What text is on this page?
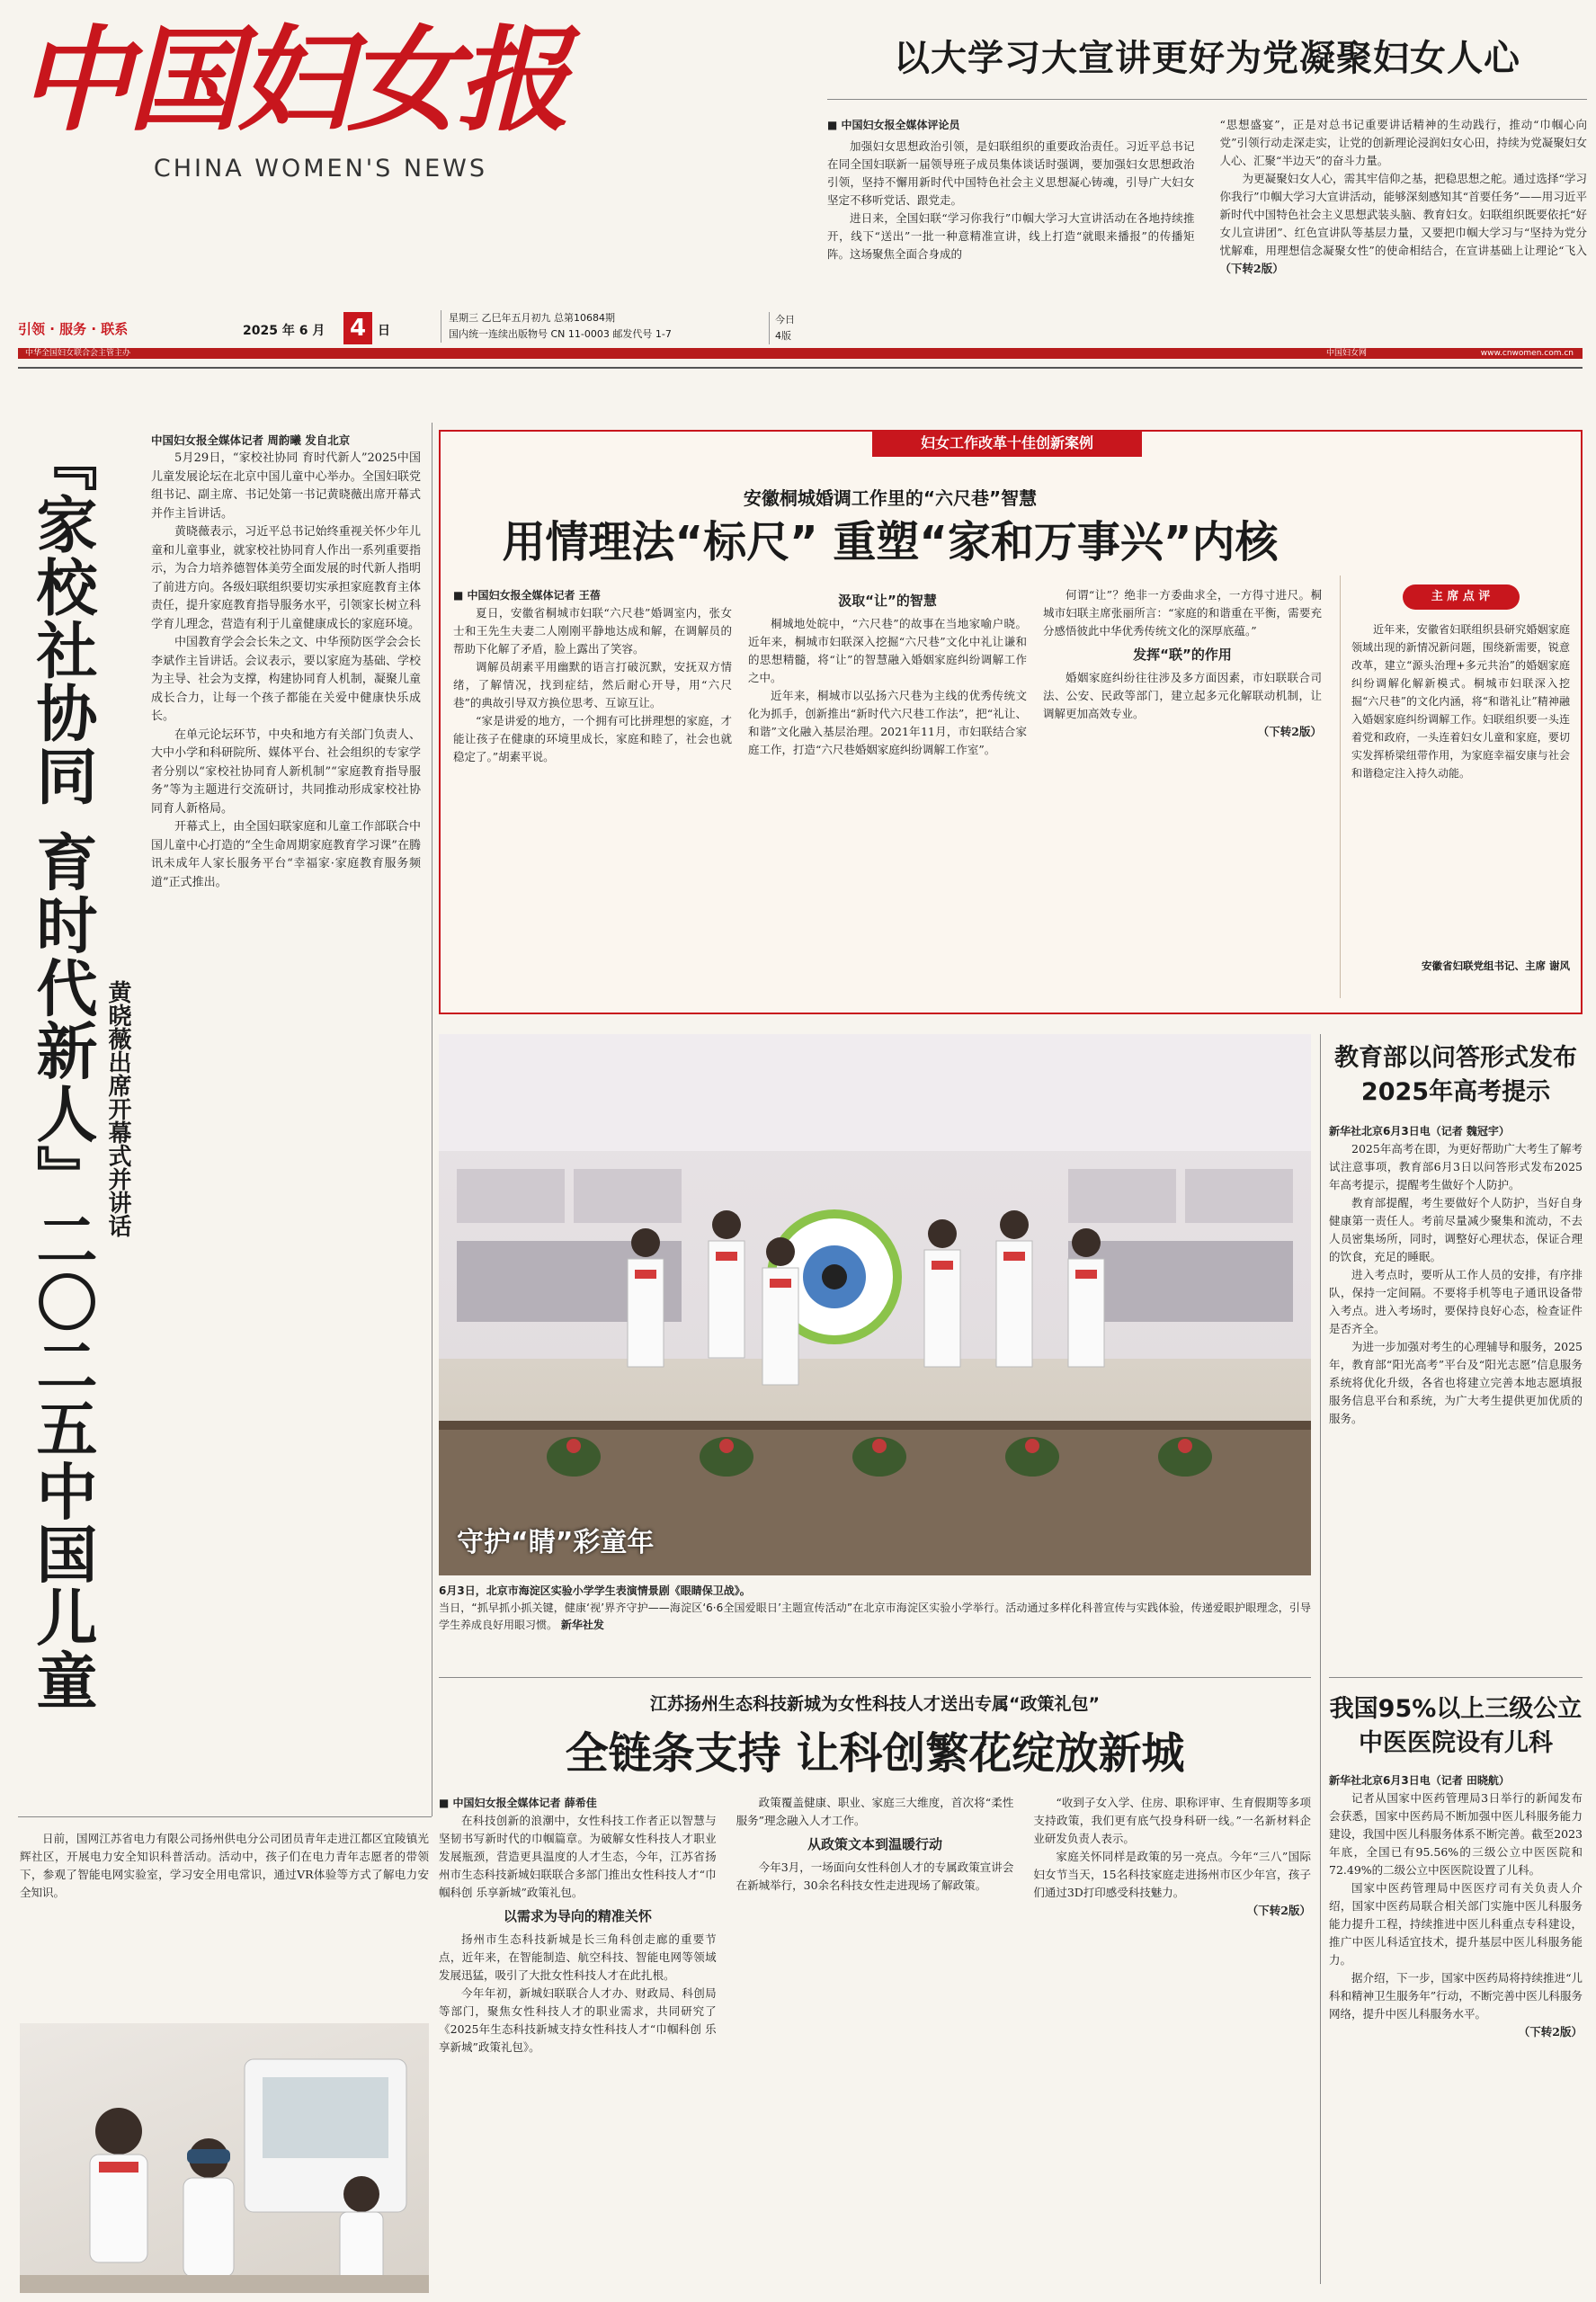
中国妇女报
CHINA WOMEN'S NEWS
引领 · 服务 · 联系	2025 年 6 月 4 日
星期三 乙巳年五月初九 总第10684期
国内统一连续出版物号 CN 11-0003 邮发代号 1-7
今日 4版
中华全国妇女联合会主管主办	中国妇女网	www.cnwomen.com.cn
以大学习大宣讲更好为党凝聚妇女人心
■ 中国妇女报全媒体评论员

加强妇女思想政治引领，是妇联组织的重要政治责任。习近平总书记在同全国妇联新一届领导班子成员集体谈话时强调，要加强妇女思想政治引领，坚持不懈用新时代中国特色社会主义思想凝心铸魂，引导广大妇女坚定不移听党话、跟党走。

进日来，全国妇联“学习你我行”巾帼大学习大宣讲活动在各地持续推开，线下“送出”一批一种意精准宣讲，线上打造“就眼来播报”的传播矩阵。这场聚焦全面合身成的

“思想盛宴”，正是对总书记重要讲话精神的生动践行，推动“巾帼心向党”引领行动走深走实，让党的创新理论浸润妇女心田，持续为党凝聚妇女人心、汇聚“半边天”的奋斗力量。

为更凝聚妇女人心，需其牢信仰之基，把稳思想之舵。通过选择“学习你我行”巾帼大学习大宣讲活动，能够深刻感知其“首要任务”——用习近平新时代中国特色社会主义思想武装头脑、教育妇女。妇联组织既要依托“好女儿宣讲团”、红色宣讲队等基层力量，又要把巾帼大学习与“坚持为党分忧解难，用理想信念凝聚女性”的使命相结合，在宣讲基础上让理论“飞入

（下转2版）
『家校社协同 育时代新人』二〇二五中国儿童
黄晓薇出席开幕式并讲话
中国妇女报全媒体记者 周韵曦 发自北京

5月29日，“家校社协同 育时代新人”2025中国儿童发展论坛在北京中国儿童中心举办。全国妇联党组书记、副主席、书记处第一书记黄晓薇出席开幕式并作主旨讲话。

黄晓薇表示，习近平总书记始终重视关怀少年儿童和儿童事业，就家校社协同育人作出一系列重要指示，为合力培养德智体美劳全面发展的时代新人指明了前进方向。各级妇联组织要切实承担家庭教育主体责任，提升家庭教育指导服务水平，引领家长树立科学育儿理念，营造有利于儿童健康成长的家庭环境。

中国教育学会会长朱之文、中华预防医学会会长李斌作主旨讲话。会议表示，要以家庭为基础、学校为主导、社会为支撑，构建协同育人机制，凝聚儿童成长合力，让每一个孩子都能在关爱中健康快乐成长。

在单元论坛环节，中央和地方有关部门负责人、大中小学和科研院所、媒体平台、社会组织的专家学者分别以“家校社协同育人新机制”“家庭教育指导服务”等为主题进行交流研讨，共同推动形成家校社协同育人新格局。

开幕式上，由全国妇联家庭和儿童工作部联合中国儿童中心打造的“全生命周期家庭教育学习课”在腾讯未成年人家长服务平台“幸福家·家庭教育服务频道”正式推出。

妇女工作改革十佳创新案例
安徽桐城婚调工作里的“六尺巷”智慧
用情理法“标尺” 重塑“家和万事兴”内核
■ 中国妇女报全媒体记者 王蓓

夏日，安徽省桐城市妇联“六尺巷”婚调室内，张女士和王先生夫妻二人刚刚平静地达成和解，在调解员的帮助下化解了矛盾，脸上露出了笑容。

调解员胡素平用幽默的语言打破沉默，安抚双方情绪，了解情况，找到症结，然后耐心开导，用“六尺巷”的典故引导双方换位思考、互谅互让。

“家是讲爱的地方，一个拥有可比拼理想的家庭，才能让孩子在健康的环境里成长，家庭和睦了，社会也就稳定了。”胡素平说。

汲取“让”的智慧

桐城地处皖中，“六尺巷”的故事在当地家喻户晓。近年来，桐城市妇联深入挖掘“六尺巷”文化中礼让谦和的思想精髓，将“让”的智慧融入婚姻家庭纠纷调解工作之中。

近年来，桐城市以弘扬六尺巷为主线的优秀传统文化为抓手，创新推出“新时代六尺巷工作法”，把“礼让、和谐”文化融入基层治理。2021年11月，市妇联结合家庭工作，打造“六尺巷婚姻家庭纠纷调解工作室”。

何谓“让”？绝非一方委曲求全，一方得寸进尺。桐城市妇联主席张丽所言：“家庭的和谐重在平衡，需要充分感悟彼此中华优秀传统文化的深厚底蕴。”

发挥“联”的作用

婚姻家庭纠纷往往涉及多方面因素，市妇联联合司法、公安、民政等部门，建立起多元化解联动机制，让调解更加高效专业。

（下转2版）

主 席 点 评
近年来，安徽省妇联组织县研究婚姻家庭领域出现的新情况新问题，围绕新需要，锐意改革，建立“源头治理+多元共治”的婚姻家庭纠纷调解化解新模式。桐城市妇联深入挖掘“六尺巷”的文化内涵，将“和谐礼让”精神融入婚姻家庭纠纷调解工作。妇联组织要一头连着党和政府，一头连着妇女儿童和家庭，要切实发挥桥梁纽带作用，为家庭幸福安康与社会和谐稳定注入持久动能。
安徽省妇联党组书记、主席 谢风
守护“睛”彩童年
6月3日，北京市海淀区实验小学学生表演情景剧《眼睛保卫战》。
当日，“抓早抓小抓关键，健康‘视’界齐守护——海淀区‘6·6全国爱眼日’主题宣传活动”在北京市海淀区实验小学举行。活动通过多样化科普宣传与实践体验，传递爱眼护眼理念，引导学生养成良好用眼习惯。 新华社发
教育部以问答形式发布2025年高考提示
新华社北京6月3日电（记者 魏冠宇）

2025年高考在即，为更好帮助广大考生了解考试注意事项，教育部6月3日以问答形式发布2025年高考提示，提醒考生做好个人防护。

教育部提醒，考生要做好个人防护，当好自身健康第一责任人。考前尽量减少聚集和流动，不去人员密集场所，同时，调整好心理状态，保证合理的饮食，充足的睡眠。

进入考点时，要听从工作人员的安排，有序排队，保持一定间隔。不要将手机等电子通讯设备带入考点。进入考场时，要保持良好心态，检查证件是否齐全。

为进一步加强对考生的心理辅导和服务，2025年，教育部“阳光高考”平台及“阳光志愿”信息服务系统将优化升级，各省也将建立完善本地志愿填报服务信息平台和系统，为广大考生提供更加优质的服务。

我国95%以上三级公立中医医院设有儿科
新华社北京6月3日电（记者 田晓航）

记者从国家中医药管理局3日举行的新闻发布会获悉，国家中医药局不断加强中医儿科服务能力建设，我国中医儿科服务体系不断完善。截至2023年底，全国已有95.56%的三级公立中医医院和72.49%的二级公立中医医院设置了儿科。

国家中医药管理局中医医疗司有关负责人介绍，国家中医药局联合相关部门实施中医儿科服务能力提升工程，持续推进中医儿科重点专科建设，推广中医儿科适宜技术，提升基层中医儿科服务能力。

据介绍，下一步，国家中医药局将持续推进“儿科和精神卫生服务年”行动，不断完善中医儿科服务网络，提升中医儿科服务水平。

（下转2版）

江苏扬州生态科技新城为女性科技人才送出专属“政策礼包”
全链条支持 让科创繁花绽放新城
■ 中国妇女报全媒体记者 薛希佳

在科技创新的浪潮中，女性科技工作者正以智慧与坚韧书写新时代的巾帼篇章。为破解女性科技人才职业发展瓶颈，营造更具温度的人才生态，今年，江苏省扬州市生态科技新城妇联联合多部门推出女性科技人才“巾帼科创 乐享新城”政策礼包。

以需求为导向的精准关怀

扬州市生态科技新城是长三角科创走廊的重要节点，近年来，在智能制造、航空科技、智能电网等领域发展迅猛，吸引了大批女性科技人才在此扎根。

今年年初，新城妇联联合人才办、财政局、科创局等部门，聚焦女性科技人才的职业需求，共同研究了《2025年生态科技新城支持女性科技人才“巾帼科创 乐享新城”政策礼包》。

政策覆盖健康、职业、家庭三大维度，首次将“柔性服务”理念融入人才工作。

从政策文本到温暖行动

今年3月，一场面向女性科创人才的专属政策宣讲会在新城举行，30余名科技女性走进现场了解政策。

“收到子女入学、住房、职称评审、生育假期等多项支持政策，我们更有底气投身科研一线。”一名新材料企业研发负责人表示。

家庭关怀同样是政策的另一亮点。今年“三八”国际妇女节当天，15名科技家庭走进扬州市区少年宫，孩子们通过3D打印感受科技魅力。

（下转2版）

日前，国网江苏省电力有限公司扬州供电分公司团员青年走进江都区宜陵镇光辉社区，开展电力安全知识科普活动。活动中，孩子们在电力青年志愿者的带领下，参观了智能电网实验室，学习安全用电常识，通过VR体验等方式了解电力安全知识。
